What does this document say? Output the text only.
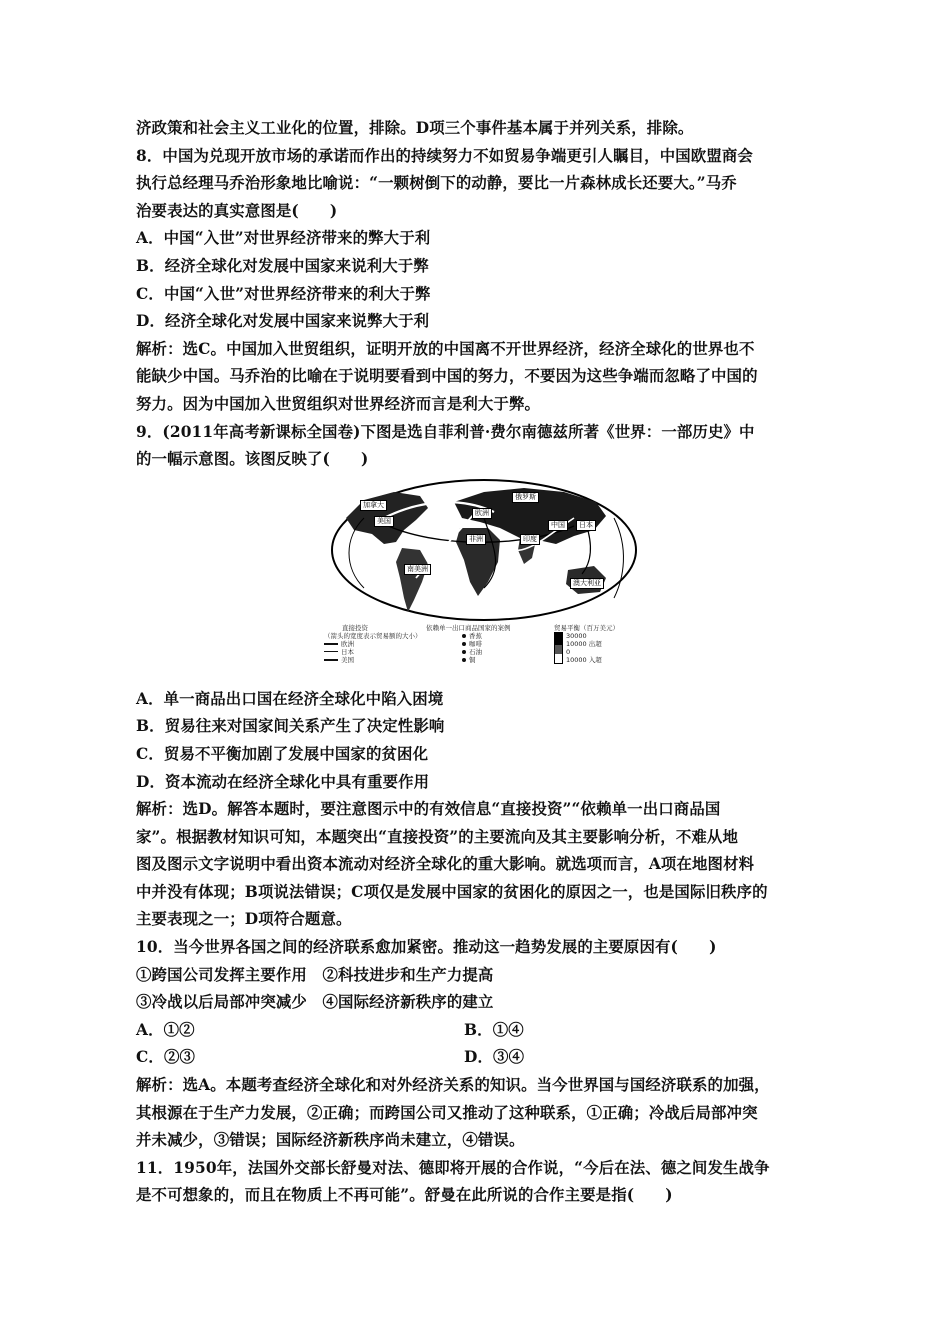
济政策和社会主义工业化的位置，排除。D项三个事件基本属于并列关系，排除。
8．中国为兑现开放市场的承诺而作出的持续努力不如贸易争端更引人瞩目，中国欧盟商会
执行总经理马乔治形象地比喻说：“一颗树倒下的动静，要比一片森林成长还要大。”马乔
治要表达的真实意图是(　　)
A．中国“入世”对世界经济带来的弊大于利
B．经济全球化对发展中国家来说利大于弊
C．中国“入世”对世界经济带来的利大于弊
D．经济全球化对发展中国家来说弊大于利
解析：选C。中国加入世贸组织，证明开放的中国离不开世界经济，经济全球化的世界也不
能缺少中国。马乔治的比喻在于说明要看到中国的努力，不要因为这些争端而忽略了中国的
努力。因为中国加入世贸组织对世界经济而言是利大于弊。
9．(2011年高考新课标全国卷)下图是选自菲利普·费尔南德兹所著《世界：一部历史》中
的一幅示意图。该图反映了(　　)
加拿大
美国
欧洲
俄罗斯
日本
中国
印度
非洲
南美洲
澳大利亚
直接投资
（箭头的宽度表示贸易额的大小）
欧洲
日本
美国
依赖单一出口商品国家的案例
香蕉
咖啡
石油
铜
贸易平衡（百万美元）
30000
10000 出超
0
10000 入超
A．单一商品出口国在经济全球化中陷入困境
B．贸易往来对国家间关系产生了决定性影响
C．贸易不平衡加剧了发展中国家的贫困化
D．资本流动在经济全球化中具有重要作用
解析：选D。解答本题时，要注意图示中的有效信息“直接投资”“依赖单一出口商品国
家”。根据教材知识可知，本题突出“直接投资”的主要流向及其主要影响分析，不难从地
图及图示文字说明中看出资本流动对经济全球化的重大影响。就选项而言，A项在地图材料
中并没有体现；B项说法错误；C项仅是发展中国家的贫困化的原因之一，也是国际旧秩序的
主要表现之一；D项符合题意。
10．当今世界各国之间的经济联系愈加紧密。推动这一趋势发展的主要原因有(　　)
①跨国公司发挥主要作用　②科技进步和生产力提高
③冷战以后局部冲突减少　④国际经济新秩序的建立
A．①②	B．①④
C．②③	D．③④
解析：选A。本题考查经济全球化和对外经济关系的知识。当今世界国与国经济联系的加强，
其根源在于生产力发展，②正确；而跨国公司又推动了这种联系，①正确；冷战后局部冲突
并未减少，③错误；国际经济新秩序尚未建立，④错误。
11．1950年，法国外交部长舒曼对法、德即将开展的合作说，“今后在法、德之间发生战争
是不可想象的，而且在物质上不再可能”。舒曼在此所说的合作主要是指(　　)
